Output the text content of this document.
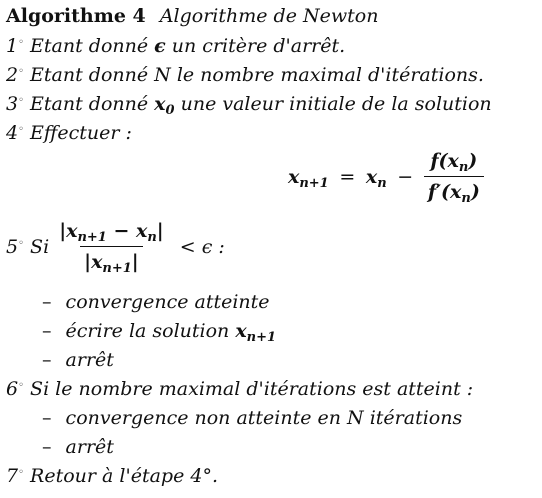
Algorithme 4 Algorithme de Newton
1◦ Etant donné ϵ un critère d'arrêt.
2◦ Etant donné N le nombre maximal d'itérations.
3◦ Etant donné $x_0$ une valeur initiale de la solution
4◦ Effectuer :
$x_{n+1} = x_n - \frac{f(x_n)}{f'(x_n)}$
5◦ Si $\frac{|x_{n+1} - x_n|}{|x_{n+1}|} < \epsilon$ :
– convergence atteinte
– écrire la solution $x_{n+1}$
– arrêt
6◦ Si le nombre maximal d'itérations est atteint :
– convergence non atteinte en N itérations
– arrêt
7◦ Retour à l'étape 4°.
